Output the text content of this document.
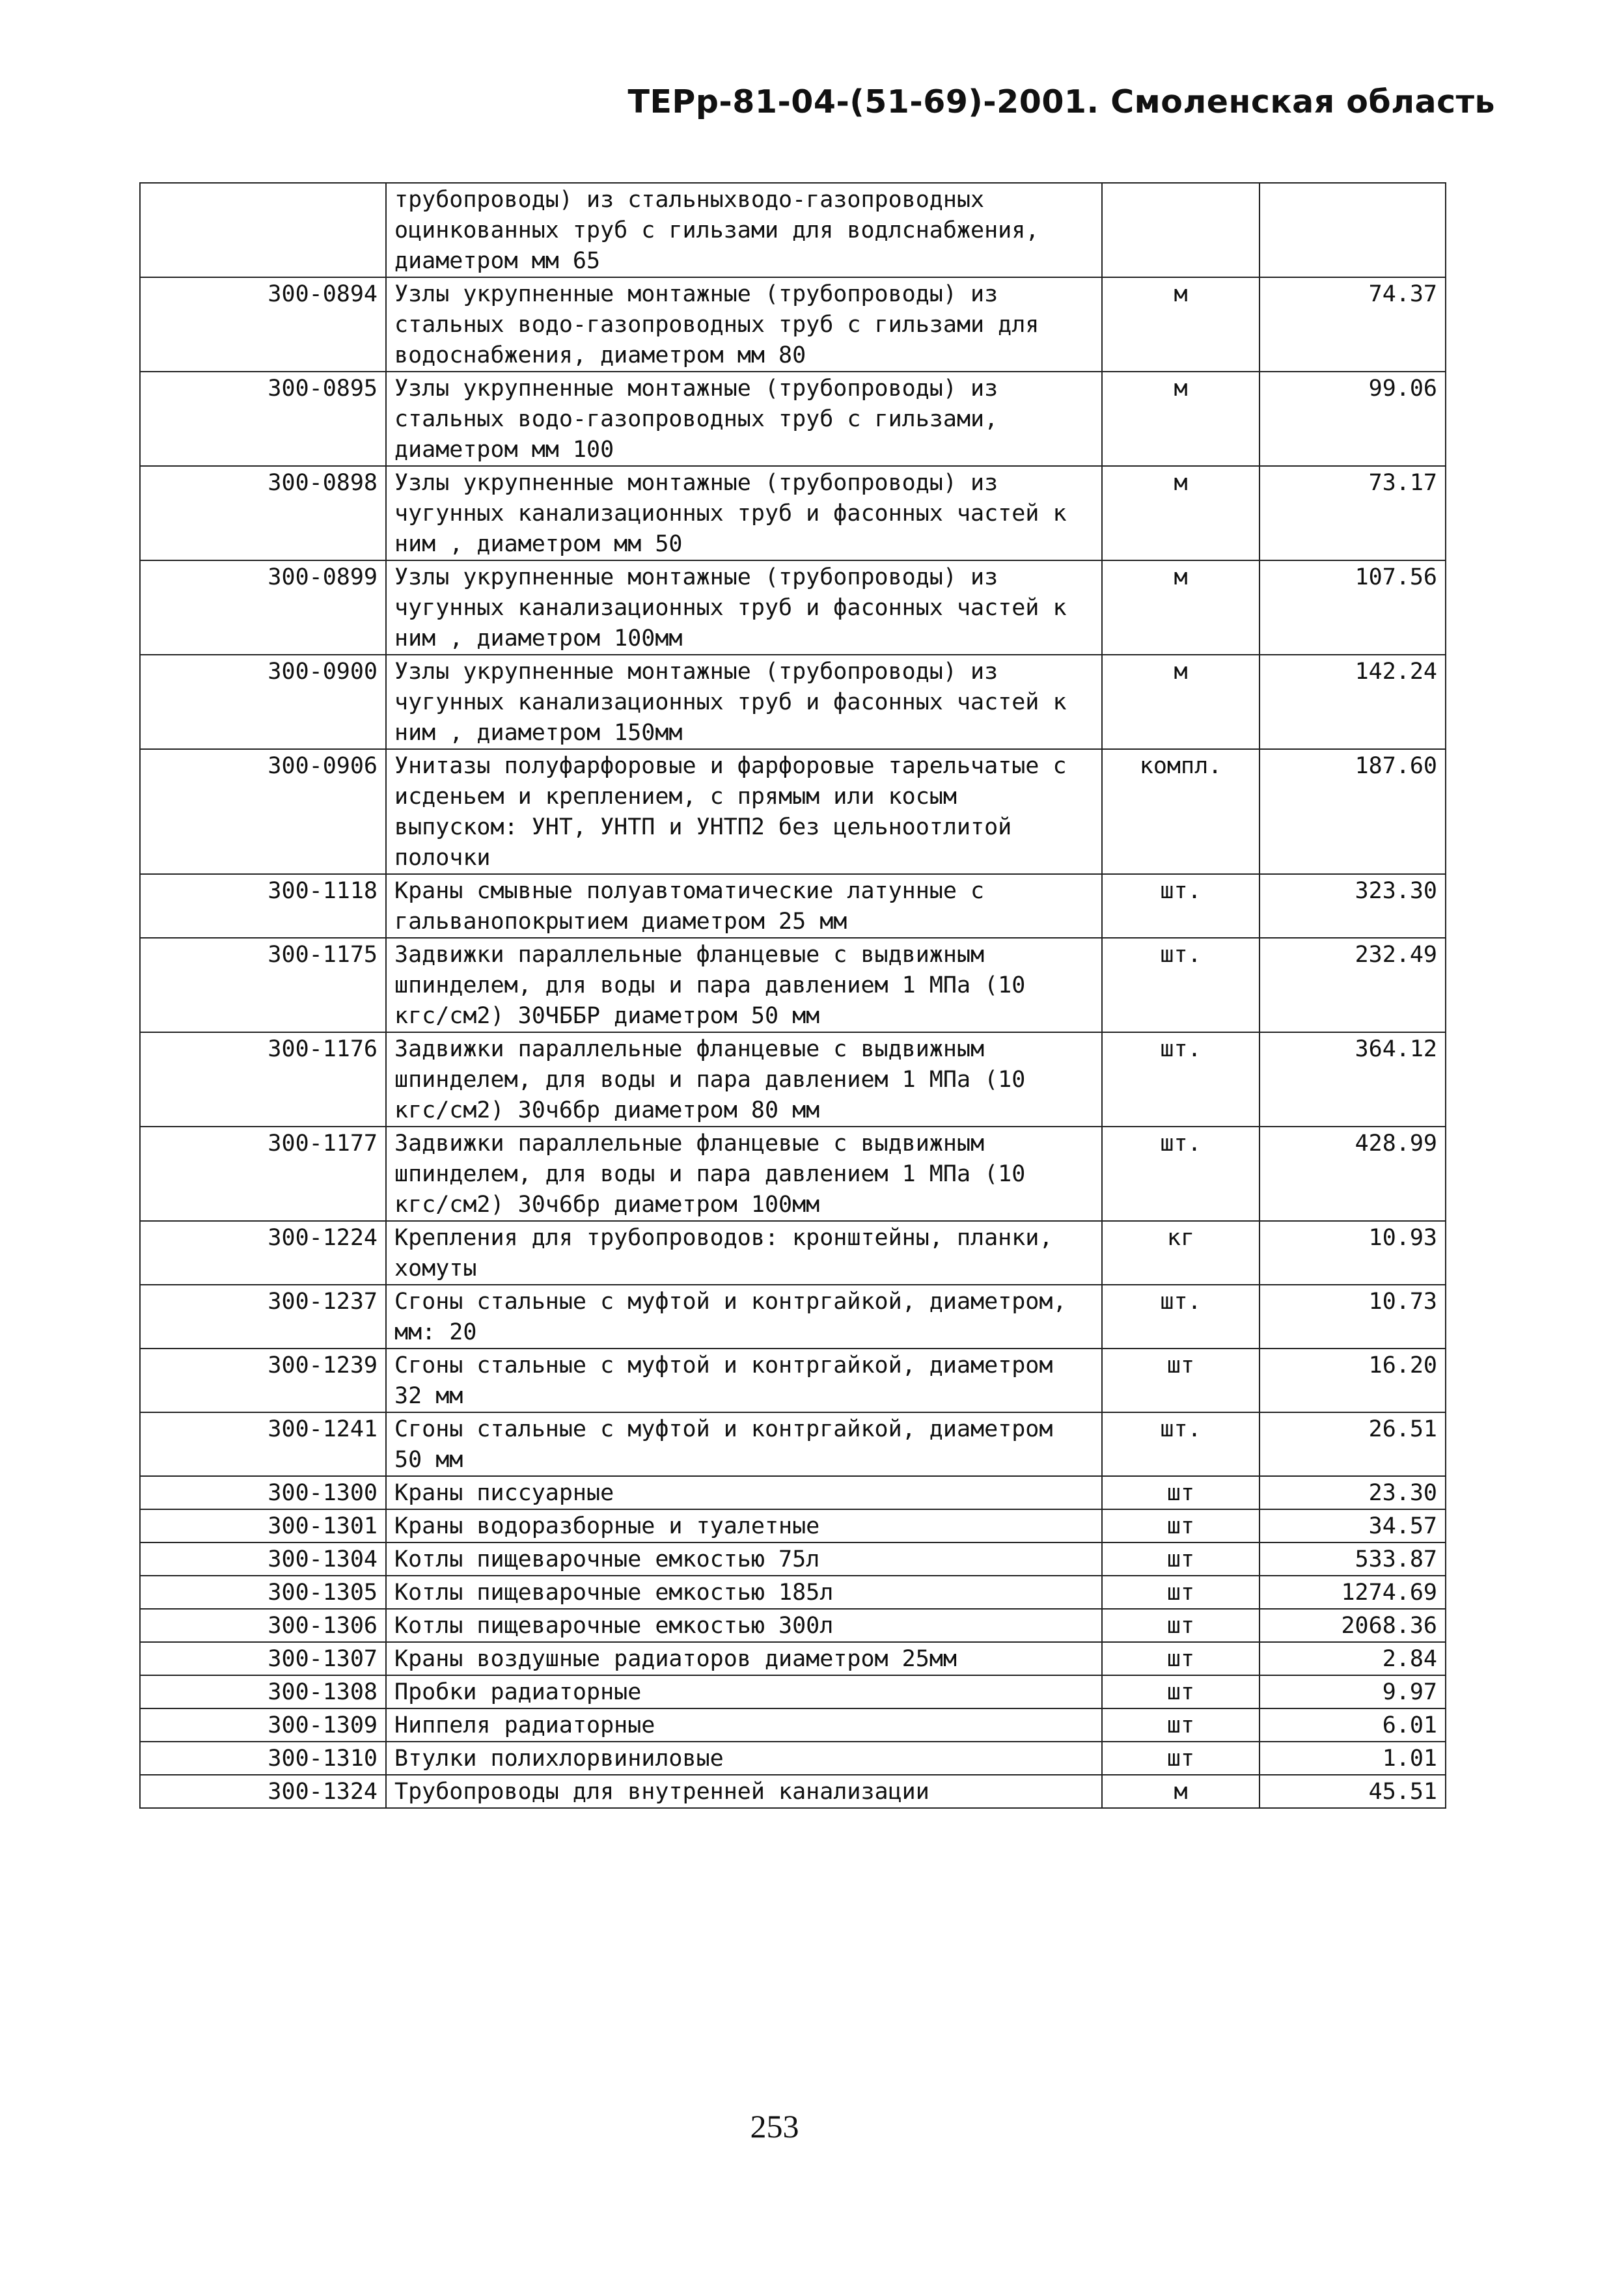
ТЕРр-81-04-(51-69)-2001. Смоленская область
	трубопроводы) из стальныхводо-газопроводных оцинкованных труб с гильзами для водлснабжения, диаметром мм 65		
300-0894	Узлы укрупненные монтажные (трубопроводы) из стальных водо-газопроводных труб с гильзами для водоснабжения, диаметром мм 80	м	74.37
300-0895	Узлы укрупненные монтажные (трубопроводы) из стальных водо-газопроводных труб с гильзами, диаметром мм 100	м	99.06
300-0898	Узлы укрупненные монтажные (трубопроводы) из чугунных канализационных труб и фасонных частей к ним , диаметром мм 50	м	73.17
300-0899	Узлы укрупненные монтажные (трубопроводы) из чугунных канализационных труб и фасонных частей к ним , диаметром 100мм	м	107.56
300-0900	Узлы укрупненные монтажные (трубопроводы) из чугунных канализационных труб и фасонных частей к ним , диаметром 150мм	м	142.24
300-0906	Унитазы полуфарфоровые и фарфоровые тарельчатые с исденьем и креплением, с прямым или косым выпуском: УНТ, УНТП и УНТП2 без цельноотлитой полочки	компл.	187.60
300-1118	Краны смывные полуавтоматические латунные с гальванопокрытием диаметром 25 мм	шт.	323.30
300-1175	Задвижки параллельные фланцевые с выдвижным шпинделем, для воды и пара давлением 1 МПа (10 кгс/см2) 30ЧББР диаметром 50 мм	шт.	232.49
300-1176	Задвижки параллельные фланцевые с выдвижным шпинделем, для воды и пара давлением 1 МПа (10 кгс/см2) 30ч6бр диаметром 80 мм	шт.	364.12
300-1177	Задвижки параллельные фланцевые с выдвижным шпинделем, для воды и пара давлением 1 МПа (10 кгс/см2) 30ч6бр диаметром 100мм	шт.	428.99
300-1224	Крепления для трубопроводов: кронштейны, планки, хомуты	кг	10.93
300-1237	Сгоны стальные с муфтой и контргайкой, диаметром, мм: 20	шт.	10.73
300-1239	Сгоны стальные с муфтой и контргайкой, диаметром 32 мм	шт	16.20
300-1241	Сгоны стальные с муфтой и контргайкой, диаметром 50 мм	шт.	26.51
300-1300	Краны писсуарные	шт	23.30
300-1301	Краны водоразборные и туалетные	шт	34.57
300-1304	Котлы пищеварочные емкостью 75л	шт	533.87
300-1305	Котлы пищеварочные емкостью 185л	шт	1274.69
300-1306	Котлы пищеварочные емкостью 300л	шт	2068.36
300-1307	Краны воздушные радиаторов диаметром 25мм	шт	2.84
300-1308	Пробки радиаторные	шт	9.97
300-1309	Ниппеля радиаторные	шт	6.01
300-1310	Втулки полихлорвиниловые	шт	1.01
300-1324	Трубопроводы для внутренней канализации	м	45.51
253
